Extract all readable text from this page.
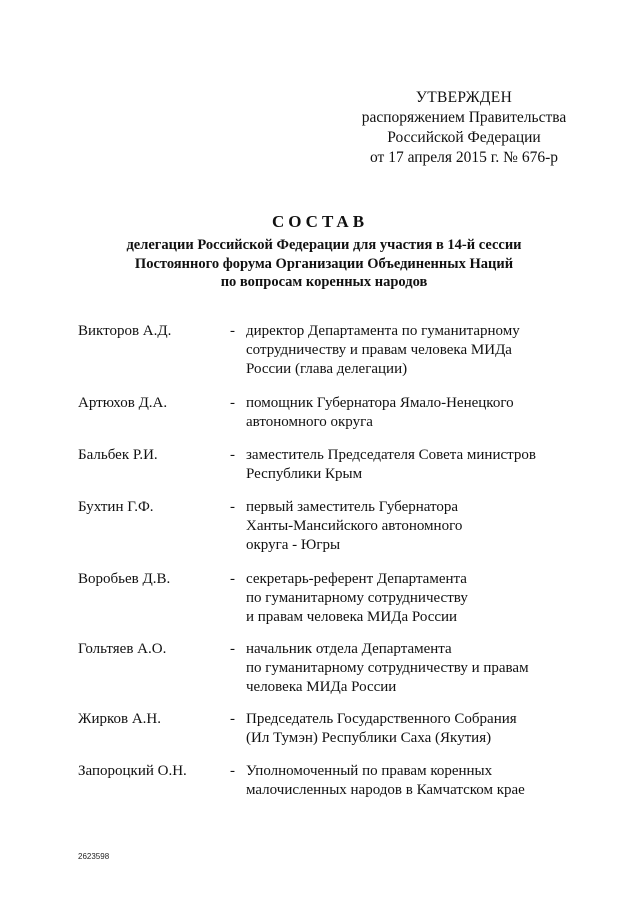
УТВЕРЖДЕН
распоряжением Правительства
Российской Федерации
от 17 апреля 2015 г. № 676-р
СОСТАВ
делегации Российской Федерации для участия в 14-й сессии
Постоянного форума Организации Объединенных Наций
по вопросам коренных народов
Викторов А.Д.	- директор Департамента по гуманитарному
сотрудничеству и правам человека МИДа
России (глава делегации)
Артюхов Д.А.	- помощник Губернатора Ямало-Ненецкого
автономного округа
Бальбек Р.И.	- заместитель Председателя Совета министров
Республики Крым
Бухтин Г.Ф.	- первый заместитель Губернатора
Ханты-Мансийского автономного
округа - Югры
Воробьев Д.В.	- секретарь-референт Департамента
по гуманитарному сотрудничеству
и правам человека МИДа России
Гольтяев А.О.	- начальник отдела Департамента
по гуманитарному сотрудничеству и правам
человека МИДа России
Жирков А.Н.	- Председатель Государственного Собрания
(Ил Тумэн) Республики Саха (Якутия)
Запороцкий О.Н.	- Уполномоченный по правам коренных
малочисленных народов в Камчатском крае
2623598
